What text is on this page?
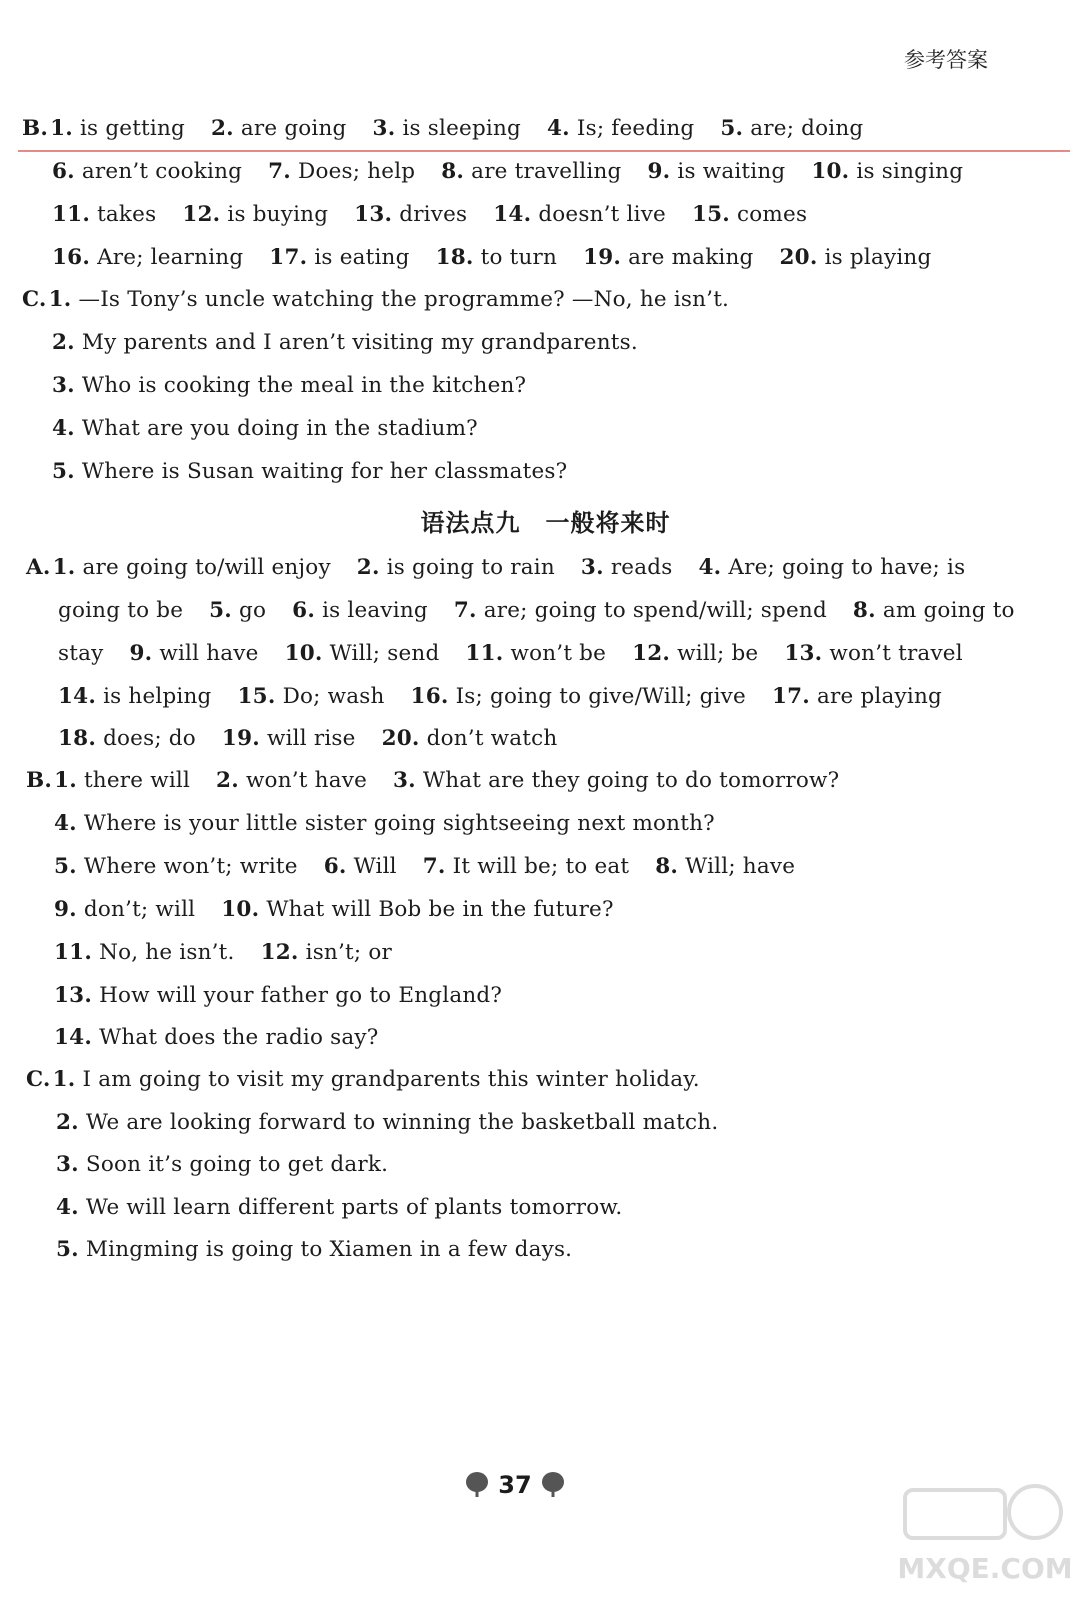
参考答案
B.1. is getting 2. are going 3. is sleeping 4. Is; feeding 5. are; doing
6. aren’t cooking 7. Does; help 8. are travelling 9. is waiting 10. is singing
11. takes 12. is buying 13. drives 14. doesn’t live 15. comes
16. Are; learning 17. is eating 18. to turn 19. are making 20. is playing
C.1. —Is Tony’s uncle watching the programme? —No, he isn’t.
2. My parents and I aren’t visiting my grandparents.
3. Who is cooking the meal in the kitchen?
4. What are you doing in the stadium?
5. Where is Susan waiting for her classmates?
A.1. are going to/will enjoy 2. is going to rain 3. reads 4. Are; going to have; is
going to be 5. go 6. is leaving 7. are; going to spend/will; spend 8. am going to
stay 9. will have 10. Will; send 11. won’t be 12. will; be 13. won’t travel
14. is helping 15. Do; wash 16. Is; going to give/Will; give 17. are playing
18. does; do 19. will rise 20. don’t watch
B.1. there will 2. won’t have 3. What are they going to do tomorrow?
4. Where is your little sister going sightseeing next month?
5. Where won’t; write 6. Will 7. It will be; to eat 8. Will; have
9. don’t; will 10. What will Bob be in the future?
11. No, he isn’t. 12. isn’t; or
13. How will your father go to England?
14. What does the radio say?
C.1. I am going to visit my grandparents this winter holiday.
2. We are looking forward to winning the basketball match.
3. Soon it’s going to get dark.
4. We will learn different parts of plants tomorrow.
5. Mingming is going to Xiamen in a few days.
语法点九　一般将来时
37
MXQE.COM
